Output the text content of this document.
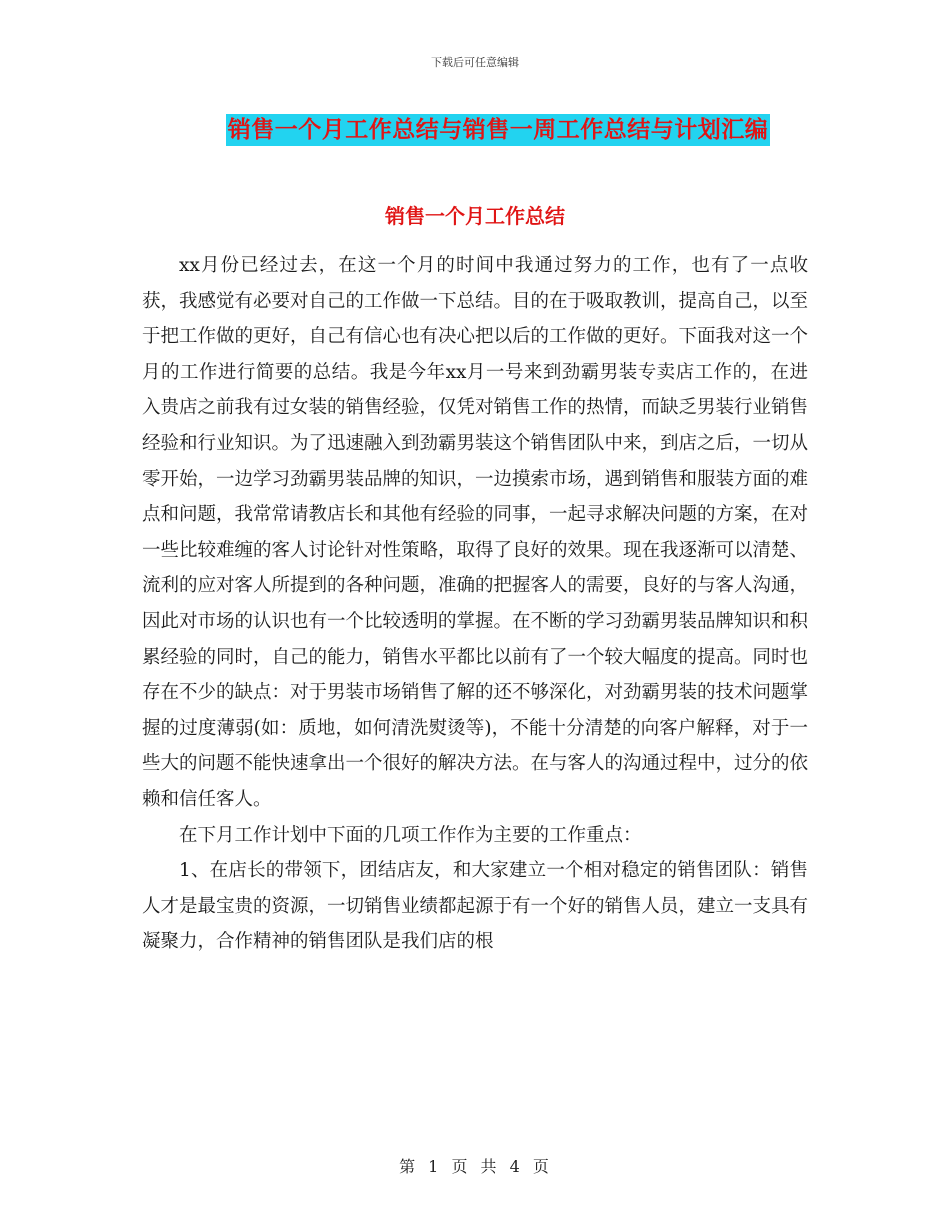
下载后可任意编辑
销售一个月工作总结与销售一周工作总结与计划汇编
销售一个月工作总结

xx月份已经过去，在这一个月的时间中我通过努力的工作，也有了一点收获，我感觉有必要对自己的工作做一下总结。目的在于吸取教训，提高自己，以至于把工作做的更好，自己有信心也有决心把以后的工作做的更好。下面我对这一个月的工作进行简要的总结。我是今年xx月一号来到劲霸男装专卖店工作的，在进入贵店之前我有过女装的销售经验，仅凭对销售工作的热情，而缺乏男装行业销售经验和行业知识。为了迅速融入到劲霸男装这个销售团队中来，到店之后，一切从零开始，一边学习劲霸男装品牌的知识，一边摸索市场，遇到销售和服装方面的难点和问题，我常常请教店长和其他有经验的同事，一起寻求解决问题的方案，在对一些比较难缠的客人讨论针对性策略，取得了良好的效果。现在我逐渐可以清楚、流利的应对客人所提到的各种问题，准确的把握客人的需要，良好的与客人沟通，因此对市场的认识也有一个比较透明的掌握。在不断的学习劲霸男装品牌知识和积累经验的同时，自己的能力，销售水平都比以前有了一个较大幅度的提高。同时也存在不少的缺点：对于男装市场销售了解的还不够深化，对劲霸男装的技术问题掌握的过度薄弱(如：质地，如何清洗熨烫等)，不能十分清楚的向客户解释，对于一些大的问题不能快速拿出一个很好的解决方法。在与客人的沟通过程中，过分的依赖和信任客人。

在下月工作计划中下面的几项工作作为主要的工作重点：

1、在店长的带领下，团结店友，和大家建立一个相对稳定的销售团队：销售人才是最宝贵的资源，一切销售业绩都起源于有一个好的销售人员，建立一支具有凝聚力，合作精神的销售团队是我们店的根

第 1 页 共 4 页
